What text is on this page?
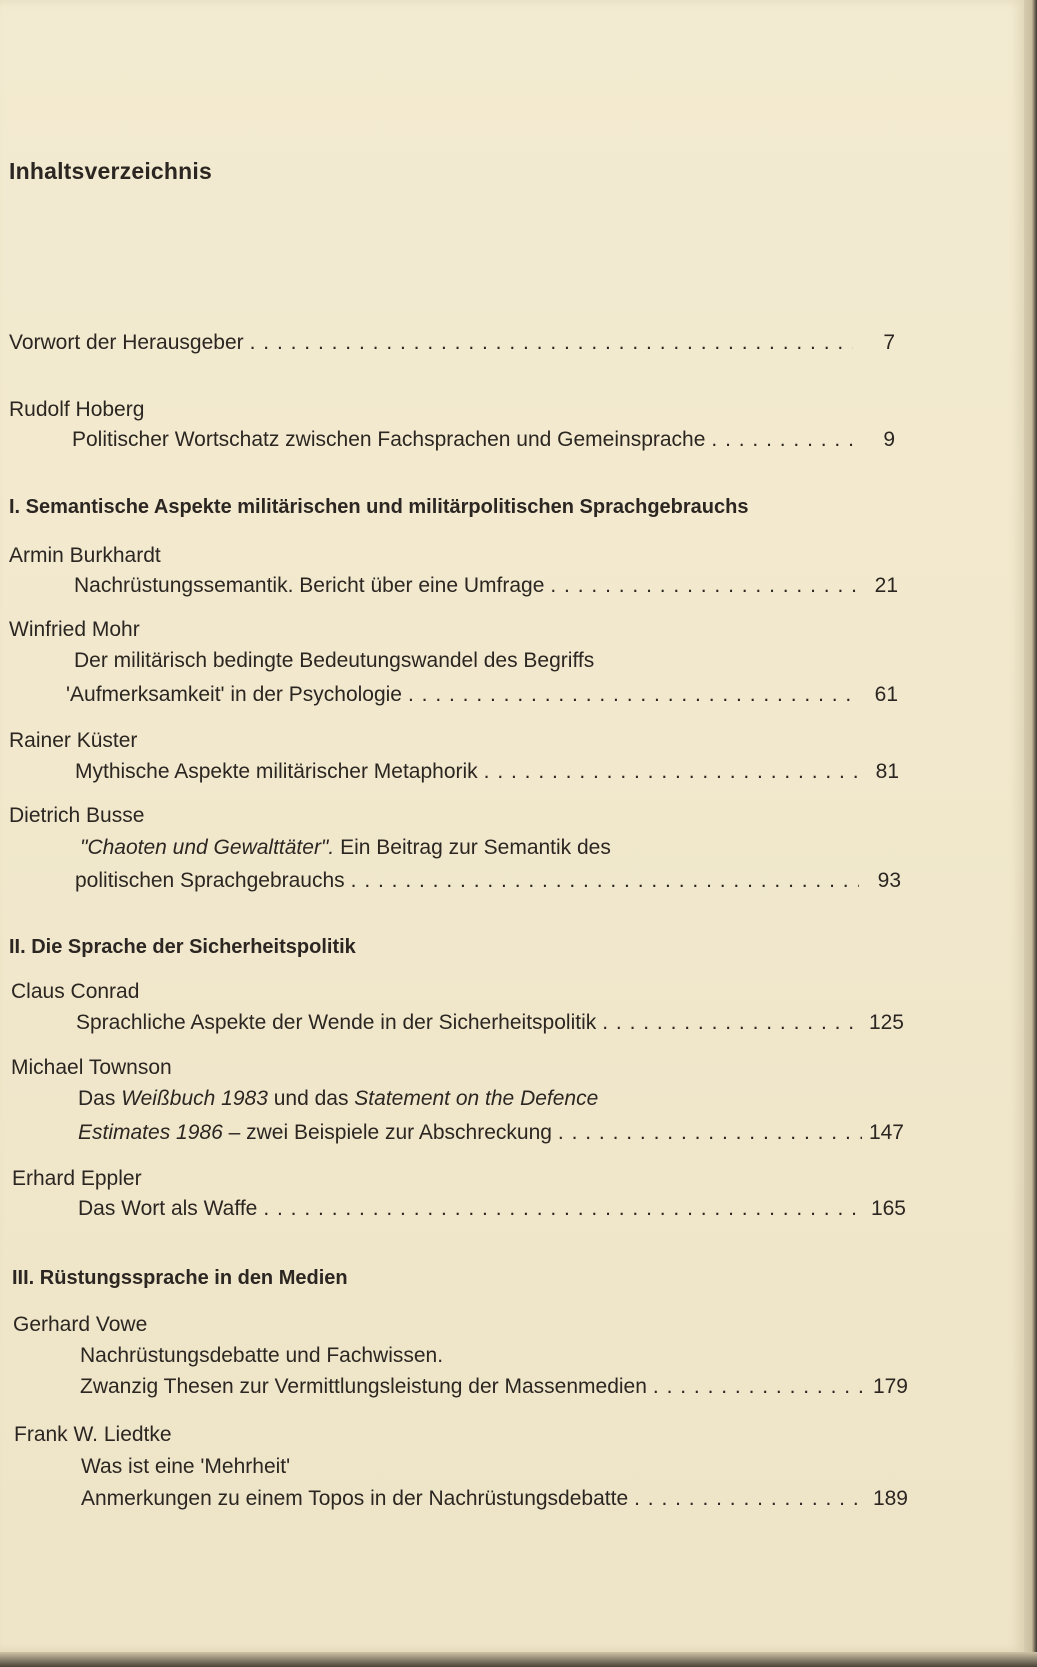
Inhaltsverzeichnis
Vorwort der Herausgeber . . .	7
Rudolf Hoberg
Politischer Wortschatz zwischen Fachsprachen und Gemeinsprache . . .	9
I. Semantische Aspekte militärischen und militärpolitischen Sprachgebrauchs
Armin Burkhardt
Nachrüstungssemantik. Bericht über eine Umfrage . . .	21
Winfried Mohr
Der militärisch bedingte Bedeutungswandel des Begriffs
'Aufmerksamkeit' in der Psychologie . . .	61
Rainer Küster
Mythische Aspekte militärischer Metaphorik . . .	81
Dietrich Busse
"Chaoten und Gewalttäter". Ein Beitrag zur Semantik des
politischen Sprachgebrauchs . . .	93
II. Die Sprache der Sicherheitspolitik
Claus Conrad
Sprachliche Aspekte der Wende in der Sicherheitspolitik . . .	125
Michael Townson
Das Weißbuch 1983 und das Statement on the Defence
Estimates 1986 – zwei Beispiele zur Abschreckung . . .	147
Erhard Eppler
Das Wort als Waffe . . .	165
III. Rüstungssprache in den Medien
Gerhard Vowe
Nachrüstungsdebatte und Fachwissen.
Zwanzig Thesen zur Vermittlungsleistung der Massenmedien . . .	179
Frank W. Liedtke
Was ist eine 'Mehrheit'
Anmerkungen zu einem Topos in der Nachrüstungsdebatte . . .	189
